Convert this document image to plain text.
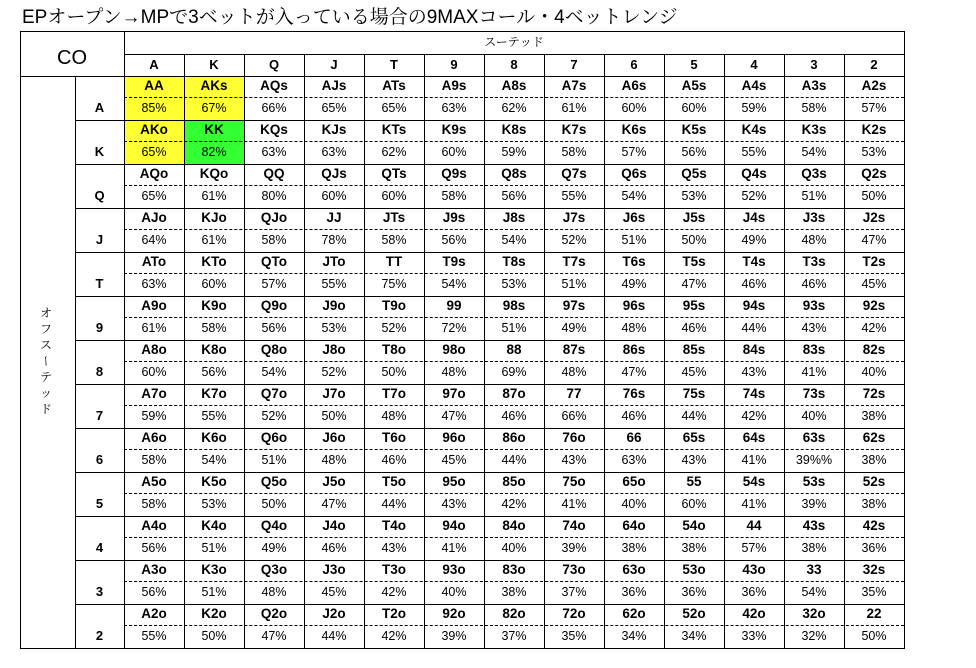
EPオープン→MPで3ベットが入っている場合の9MAXコール・4ベットレンジ
CO
スーテッド
A
A
K
K
Q
Q
J
J
T
T
9
9
8
8
7
7
6
6
5
5
4
4
3
3
2
2
オ
フ
ス
ー
テ
ッ
ド
AA
85%
AKs
67%
AQs
66%
AJs
65%
ATs
65%
A9s
63%
A8s
62%
A7s
61%
A6s
60%
A5s
60%
A4s
59%
A3s
58%
A2s
57%
AKo
65%
KK
82%
KQs
63%
KJs
63%
KTs
62%
K9s
60%
K8s
59%
K7s
58%
K6s
57%
K5s
56%
K4s
55%
K3s
54%
K2s
53%
AQo
65%
KQo
61%
QQ
80%
QJs
60%
QTs
60%
Q9s
58%
Q8s
56%
Q7s
55%
Q6s
54%
Q5s
53%
Q4s
52%
Q3s
51%
Q2s
50%
AJo
64%
KJo
61%
QJo
58%
JJ
78%
JTs
58%
J9s
56%
J8s
54%
J7s
52%
J6s
51%
J5s
50%
J4s
49%
J3s
48%
J2s
47%
ATo
63%
KTo
60%
QTo
57%
JTo
55%
TT
75%
T9s
54%
T8s
53%
T7s
51%
T6s
49%
T5s
47%
T4s
46%
T3s
46%
T2s
45%
A9o
61%
K9o
58%
Q9o
56%
J9o
53%
T9o
52%
99
72%
98s
51%
97s
49%
96s
48%
95s
46%
94s
44%
93s
43%
92s
42%
A8o
60%
K8o
56%
Q8o
54%
J8o
52%
T8o
50%
98o
48%
88
69%
87s
48%
86s
47%
85s
45%
84s
43%
83s
41%
82s
40%
A7o
59%
K7o
55%
Q7o
52%
J7o
50%
T7o
48%
97o
47%
87o
46%
77
66%
76s
46%
75s
44%
74s
42%
73s
40%
72s
38%
A6o
58%
K6o
54%
Q6o
51%
J6o
48%
T6o
46%
96o
45%
86o
44%
76o
43%
66
63%
65s
43%
64s
41%
63s
39%%
62s
38%
A5o
58%
K5o
53%
Q5o
50%
J5o
47%
T5o
44%
95o
43%
85o
42%
75o
41%
65o
40%
55
60%
54s
41%
53s
39%
52s
38%
A4o
56%
K4o
51%
Q4o
49%
J4o
46%
T4o
43%
94o
41%
84o
40%
74o
39%
64o
38%
54o
38%
44
57%
43s
38%
42s
36%
A3o
56%
K3o
51%
Q3o
48%
J3o
45%
T3o
42%
93o
40%
83o
38%
73o
37%
63o
36%
53o
36%
43o
36%
33
54%
32s
35%
A2o
55%
K2o
50%
Q2o
47%
J2o
44%
T2o
42%
92o
39%
82o
37%
72o
35%
62o
34%
52o
34%
42o
33%
32o
32%
22
50%
